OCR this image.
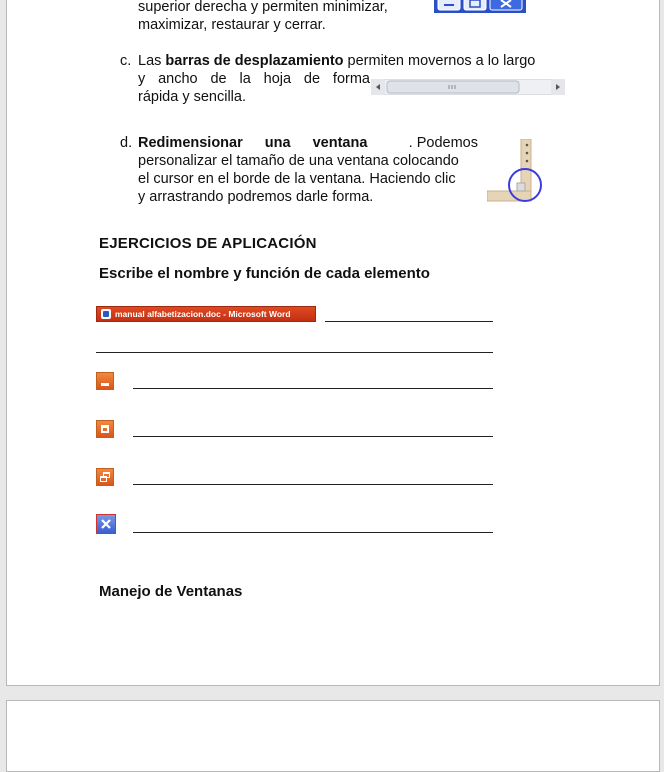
superior derecha y permiten minimizar,
maximizar, restaurar y cerrar.
c. Las barras de desplazamiento permiten movernos a lo largo
y ancho de la hoja de forma
rápida y sencilla.
d. Redimensionar una ventana	. Podemos
personalizar el tamaño de una ventana colocando
el cursor en el borde de la ventana. Haciendo clic
y arrastrando podremos darle forma.
EJERCICIOS DE APLICACIÓN
Escribe el nombre y función de cada elemento
manual alfabetizacion.doc - Microsoft Word
Manejo de Ventanas
